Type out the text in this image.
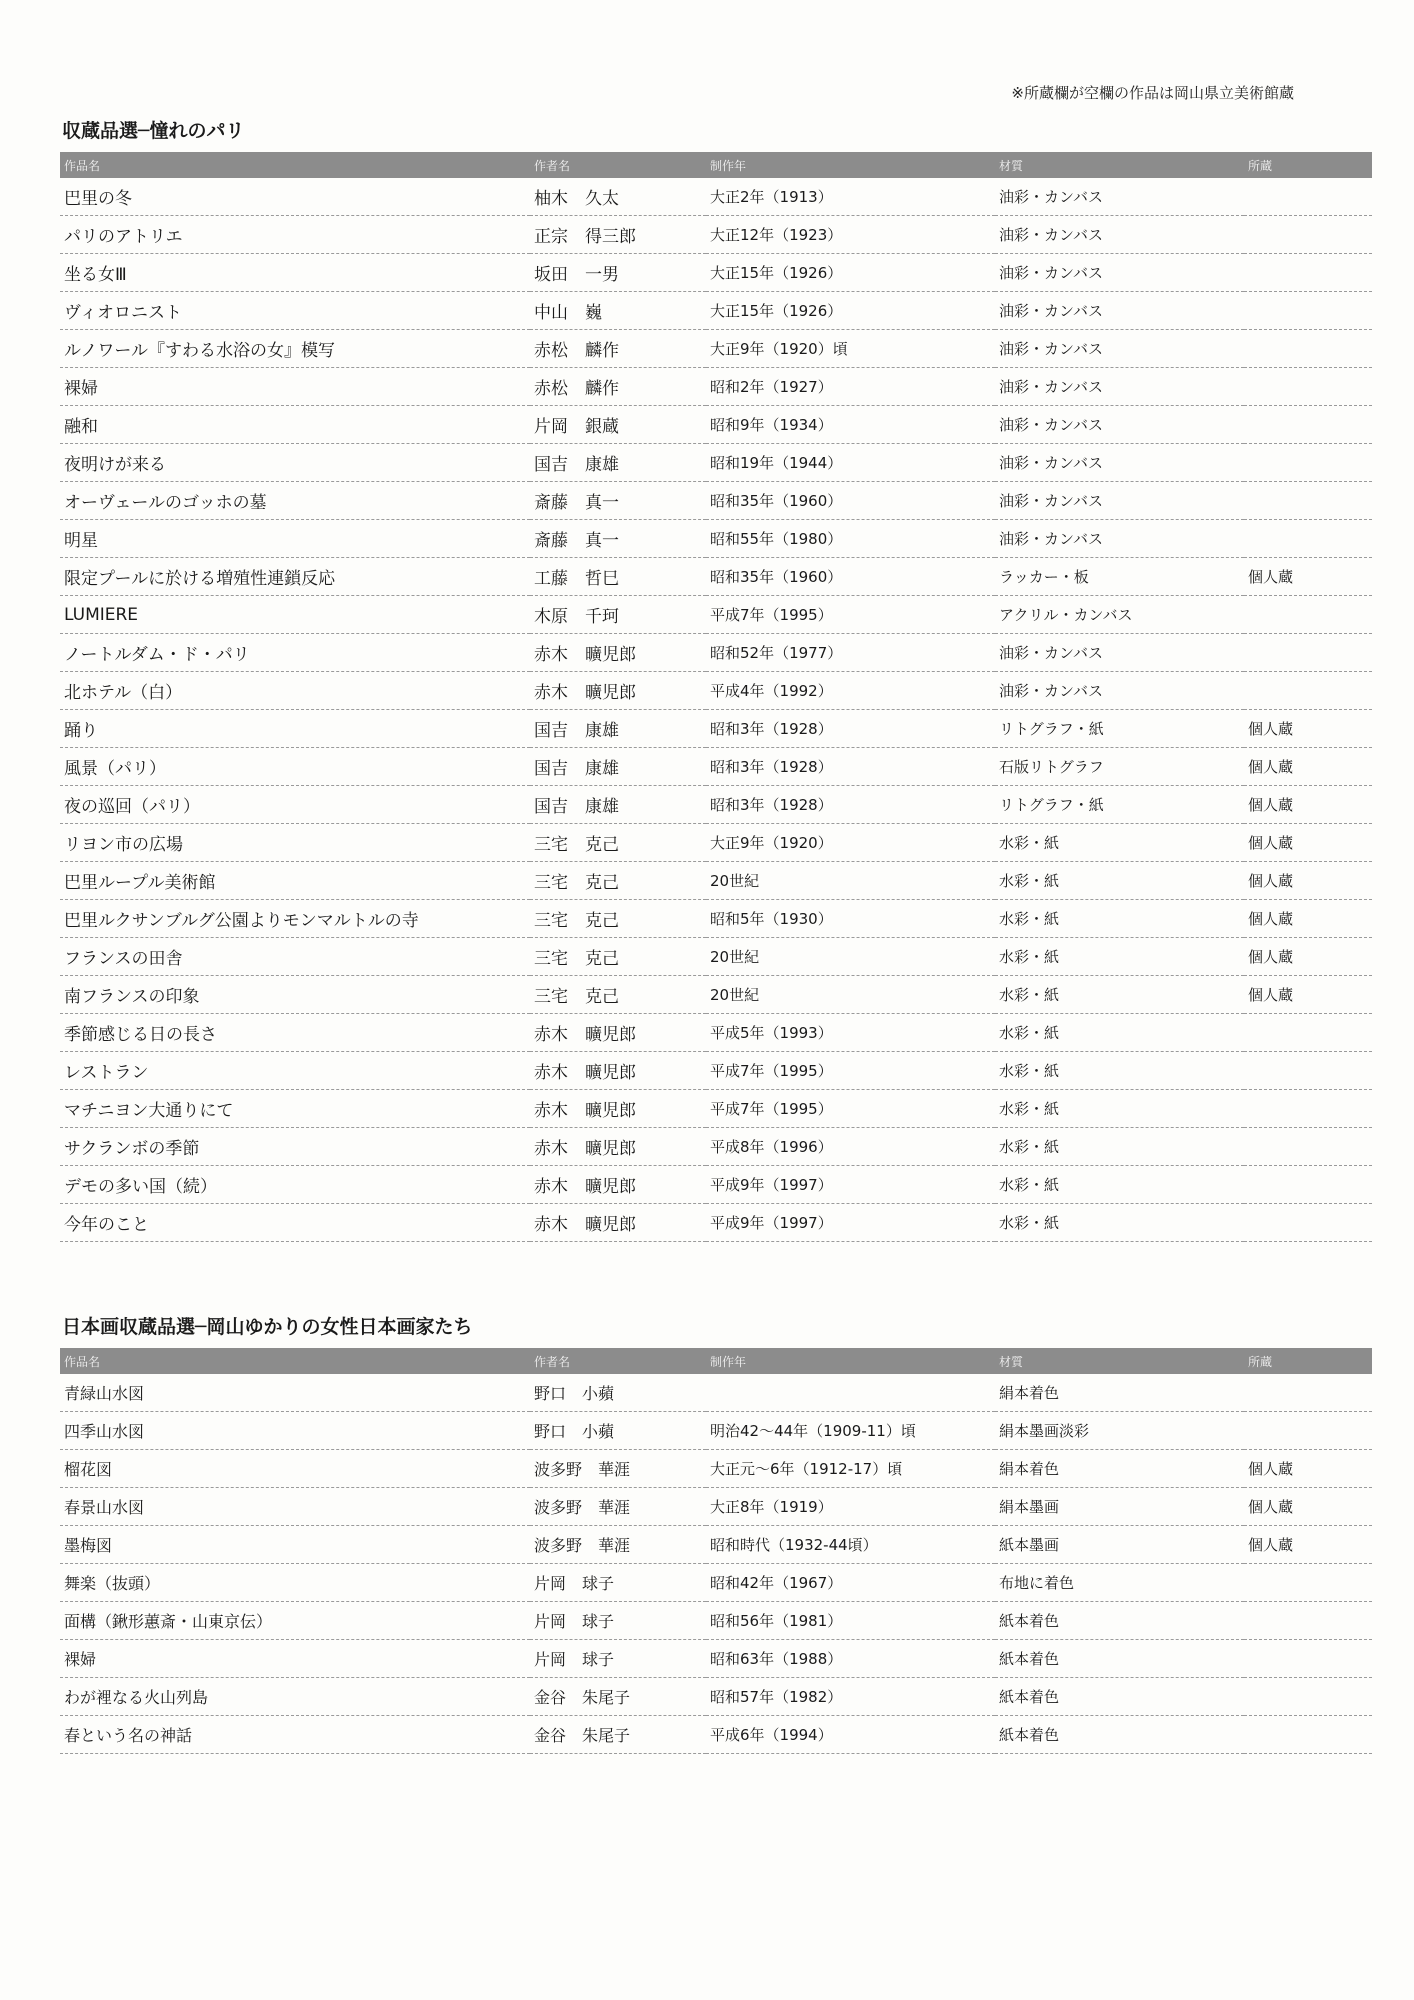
※所蔵欄が空欄の作品は岡山県立美術館蔵
収蔵品選─憧れのパリ
作品名	作者名	制作年	材質	所蔵
巴里の冬	柚木　久太	大正2年（1913）	油彩・カンバス	
パリのアトリエ	正宗　得三郎	大正12年（1923）	油彩・カンバス	
坐る女Ⅲ	坂田　一男	大正15年（1926）	油彩・カンバス	
ヴィオロニスト	中山　巍	大正15年（1926）	油彩・カンバス	
ルノワール『すわる水浴の女』模写	赤松　麟作	大正9年（1920）頃	油彩・カンバス	
裸婦	赤松　麟作	昭和2年（1927）	油彩・カンバス	
融和	片岡　銀蔵	昭和9年（1934）	油彩・カンバス	
夜明けが来る	国吉　康雄	昭和19年（1944）	油彩・カンバス	
オーヴェールのゴッホの墓	斎藤　真一	昭和35年（1960）	油彩・カンバス	
明星	斎藤　真一	昭和55年（1980）	油彩・カンバス	
限定プールに於ける増殖性連鎖反応	工藤　哲巳	昭和35年（1960）	ラッカー・板	個人蔵
LUMIERE	木原　千珂	平成7年（1995）	アクリル・カンバス	
ノートルダム・ド・パリ	赤木　曠児郎	昭和52年（1977）	油彩・カンバス	
北ホテル（白）	赤木　曠児郎	平成4年（1992）	油彩・カンバス	
踊り	国吉　康雄	昭和3年（1928）	リトグラフ・紙	個人蔵
風景（パリ）	国吉　康雄	昭和3年（1928）	石版リトグラフ	個人蔵
夜の巡回（パリ）	国吉　康雄	昭和3年（1928）	リトグラフ・紙	個人蔵
リヨン市の広場	三宅　克己	大正9年（1920）	水彩・紙	個人蔵
巴里ループル美術館	三宅　克己	20世紀	水彩・紙	個人蔵
巴里ルクサンブルグ公園よりモンマルトルの寺	三宅　克己	昭和5年（1930）	水彩・紙	個人蔵
フランスの田舎	三宅　克己	20世紀	水彩・紙	個人蔵
南フランスの印象	三宅　克己	20世紀	水彩・紙	個人蔵
季節感じる日の長さ	赤木　曠児郎	平成5年（1993）	水彩・紙	
レストラン	赤木　曠児郎	平成7年（1995）	水彩・紙	
マチニヨン大通りにて	赤木　曠児郎	平成7年（1995）	水彩・紙	
サクランボの季節	赤木　曠児郎	平成8年（1996）	水彩・紙	
デモの多い国（続）	赤木　曠児郎	平成9年（1997）	水彩・紙	
今年のこと	赤木　曠児郎	平成9年（1997）	水彩・紙	
日本画収蔵品選─岡山ゆかりの女性日本画家たち
作品名	作者名	制作年	材質	所蔵
青緑山水図	野口　小蘋		絹本着色	
四季山水図	野口　小蘋	明治42～44年（1909-11）頃	絹本墨画淡彩	
榴花図	波多野　華涯	大正元～6年（1912-17）頃	絹本着色	個人蔵
春景山水図	波多野　華涯	大正8年（1919）	絹本墨画	個人蔵
墨梅図	波多野　華涯	昭和時代（1932-44頃）	紙本墨画	個人蔵
舞楽（抜頭）	片岡　球子	昭和42年（1967）	布地に着色	
面構（鍬形蕙斎・山東京伝）	片岡　球子	昭和56年（1981）	紙本着色	
裸婦	片岡　球子	昭和63年（1988）	紙本着色	
わが裡なる火山列島	金谷　朱尾子	昭和57年（1982）	紙本着色	
春という名の神話	金谷　朱尾子	平成6年（1994）	紙本着色	
